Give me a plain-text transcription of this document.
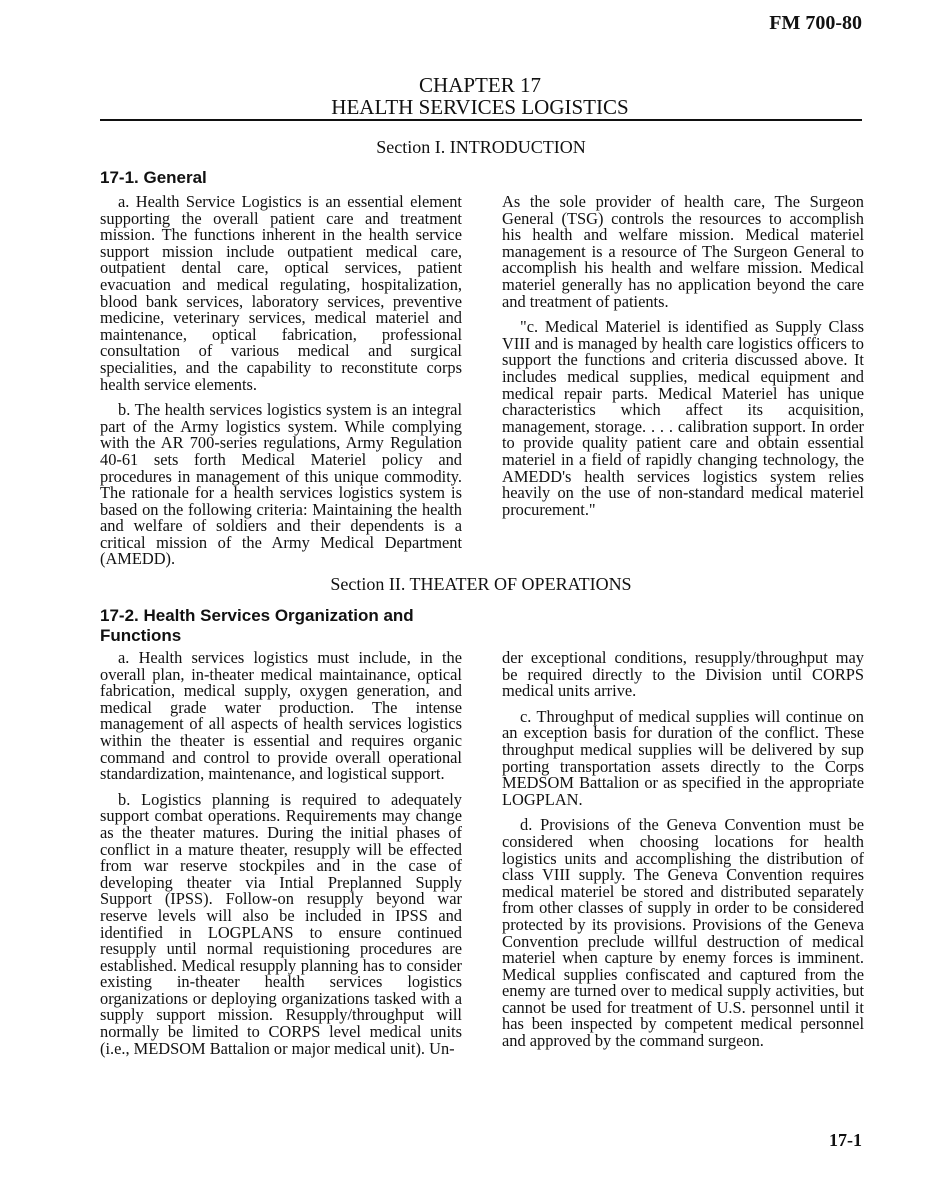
FM 700-80
CHAPTER 17
HEALTH SERVICES LOGISTICS
Section I. INTRODUCTION
17-1. General

a. Health Service Logistics is an essential element supporting the overall patient care and treatment mission. The functions inherent in the health service support mission include outpatient medical care, outpatient dental care, optical services, patient evacuation and medical regulating, hospitalization, blood bank services, laboratory services, preventive medicine, veterinary services, medical materiel and maintenance, optical fabrication, professional consultation of various medical and surgical specialities, and the capability to reconstitute corps health service elements.

b. The health services logistics system is an integral part of the Army logistics system. While complying with the AR 700-series regulations, Army Regulation 40-61 sets forth Medical Materiel policy and procedures in management of this unique commodity. The rationale for a health services logistics system is based on the following criteria: Maintaining the health and welfare of soldiers and their dependents is a critical mission of the Army Medical Department (AMEDD).

As the sole provider of health care, The Surgeon General (TSG) controls the resources to accomplish his health and welfare mission. Medical materiel management is a resource of The Surgeon General to accomplish his health and welfare mission. Medical materiel generally has no application beyond the care and treatment of patients.

"c. Medical Materiel is identified as Supply Class VIII and is managed by health care logistics officers to support the functions and criteria discussed above. It includes medical supplies, medical equipment and medical repair parts. Medical Materiel has unique characteristics which affect its acquisition, management, storage. . . . calibration support. In order to provide quality patient care and obtain essential materiel in a field of rapidly changing technology, the AMEDD's health services logistics system relies heavily on the use of non-standard medical materiel procurement."

Section II. THEATER OF OPERATIONS
17-2. Health Services Organization and Functions

a. Health services logistics must include, in the overall plan, in-theater medical maintainance, optical fabrication, medical supply, oxygen generation, and medical grade water production. The intense management of all aspects of health services logistics within the theater is essential and requires organic command and control to provide overall operational standardization, maintenance, and logistical support.

b. Logistics planning is required to adequately support combat operations. Requirements may change as the theater matures. During the initial phases of conflict in a mature theater, resupply will be effected from war reserve stockpiles and in the case of developing theater via Intial Preplanned Supply Support (IPSS). Follow-on resupply beyond war reserve levels will also be included in IPSS and identified in LOGPLANS to ensure continued resupply until normal requistioning procedures are established. Medical resupply planning has to consider existing in-theater health services logistics organizations or deploying organizations tasked with a supply support mission. Resupply/throughput will normally be limited to CORPS level medical units (i.e., MEDSOM Battalion or major medical unit). Un-

der exceptional conditions, resupply/throughput may be required directly to the Division until CORPS medical units arrive.

c. Throughput of medical supplies will continue on an exception basis for duration of the conflict. These throughput medical supplies will be delivered by sup porting transportation assets directly to the Corps MEDSOM Battalion or as specified in the appropriate LOGPLAN.

d. Provisions of the Geneva Convention must be considered when choosing locations for health logistics units and accomplishing the distribution of class VIII supply. The Geneva Convention requires medical materiel be stored and distributed separately from other classes of supply in order to be considered protected by its provisions. Provisions of the Geneva Convention preclude willful destruction of medical materiel when capture by enemy forces is imminent. Medical supplies confiscated and captured from the enemy are turned over to medical supply activities, but cannot be used for treatment of U.S. personnel until it has been inspected by competent medical personnel and approved by the command surgeon.

17-1
